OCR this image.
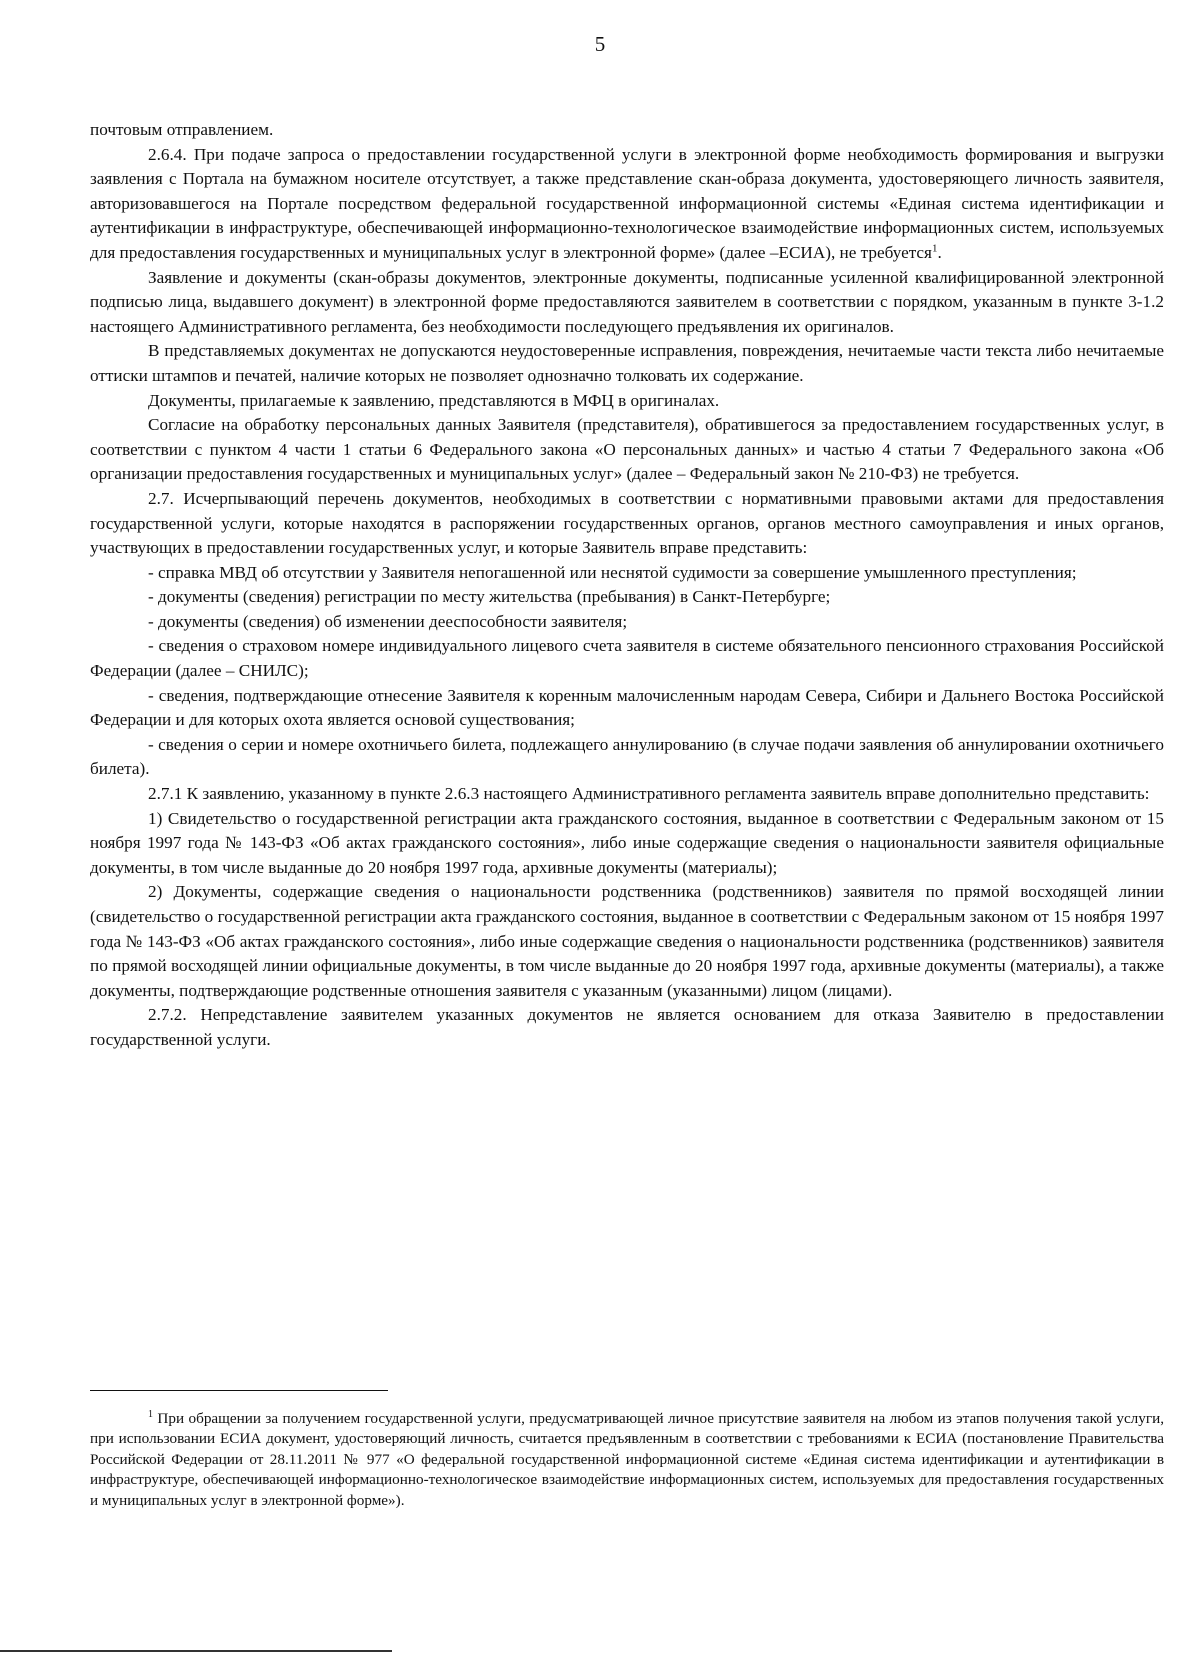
5

почтовым отправлением.

2.6.4. При подаче запроса о предоставлении государственной услуги в электронной форме необходимость формирования и выгрузки заявления с Портала на бумажном носителе отсутствует, а также представление скан-образа документа, удостоверяющего личность заявителя, авторизовавшегося на Портале посредством федеральной государственной информационной системы «Единая система идентификации и аутентификации в инфраструктуре, обеспечивающей информационно-технологическое взаимодействие информационных систем, используемых для предоставления государственных и муниципальных услуг в электронной форме» (далее –ЕСИА), не требуется$^1$.

Заявление и документы (скан-образы документов, электронные документы, подписанные усиленной квалифицированной электронной подписью лица, выдавшего документ) в электронной форме предоставляются заявителем в соответствии с порядком, указанным в пункте 3-1.2 настоящего Административного регламента, без необходимости последующего предъявления их оригиналов.

В представляемых документах не допускаются неудостоверенные исправления, повреждения, нечитаемые части текста либо нечитаемые оттиски штампов и печатей, наличие которых не позволяет однозначно толковать их содержание.

Документы, прилагаемые к заявлению, представляются в МФЦ в оригиналах.

Согласие на обработку персональных данных Заявителя (представителя), обратившегося за предоставлением государственных услуг, в соответствии с пунктом 4 части 1 статьи 6 Федерального закона «О персональных данных» и частью 4 статьи 7 Федерального закона «Об организации предоставления государственных и муниципальных услуг» (далее – Федеральный закон № 210-ФЗ) не требуется.

2.7. Исчерпывающий перечень документов, необходимых в соответствии с нормативными правовыми актами для предоставления государственной услуги, которые находятся в распоряжении государственных органов, органов местного самоуправления и иных органов, участвующих в предоставлении государственных услуг, и которые Заявитель вправе представить:

- справка МВД об отсутствии у Заявителя непогашенной или неснятой судимости за совершение умышленного преступления;

- документы (сведения) регистрации по месту жительства (пребывания) в Санкт-Петербурге;

- документы (сведения) об изменении дееспособности заявителя;

- сведения о страховом номере индивидуального лицевого счета заявителя в системе обязательного пенсионного страхования Российской Федерации (далее – СНИЛС);

- сведения, подтверждающие отнесение Заявителя к коренным малочисленным народам Севера, Сибири и Дальнего Востока Российской Федерации и для которых охота является основой существования;

- сведения о серии и номере охотничьего билета, подлежащего аннулированию (в случае подачи заявления об аннулировании охотничьего билета).

2.7.1 К заявлению, указанному в пункте 2.6.3 настоящего Административного регламента заявитель вправе дополнительно представить:

1) Свидетельство о государственной регистрации акта гражданского состояния, выданное в соответствии с Федеральным законом от 15 ноября 1997 года № 143-ФЗ «Об актах гражданского состояния», либо иные содержащие сведения о национальности заявителя официальные документы, в том числе выданные до 20 ноября 1997 года, архивные документы (материалы);

2) Документы, содержащие сведения о национальности родственника (родственников) заявителя по прямой восходящей линии (свидетельство о государственной регистрации акта гражданского состояния, выданное в соответствии с Федеральным законом от 15 ноября 1997 года № 143-ФЗ «Об актах гражданского состояния», либо иные содержащие сведения о национальности родственника (родственников) заявителя по прямой восходящей линии официальные документы, в том числе выданные до 20 ноября 1997 года, архивные документы (материалы), а также документы, подтверждающие родственные отношения заявителя с указанным (указанными) лицом (лицами).

2.7.2. Непредставление заявителем указанных документов не является основанием для отказа Заявителю в предоставлении государственной услуги.

$^1$ При обращении за получением государственной услуги, предусматривающей личное присутствие заявителя на любом из этапов получения такой услуги, при использовании ЕСИА документ, удостоверяющий личность, считается предъявленным в соответствии с требованиями к ЕСИА (постановление Правительства Российской Федерации от 28.11.2011 № 977 «О федеральной государственной информационной системе «Единая система идентификации и аутентификации в инфраструктуре, обеспечивающей информационно-технологическое взаимодействие информационных систем, используемых для предоставления государственных и муниципальных услуг в электронной форме»).
